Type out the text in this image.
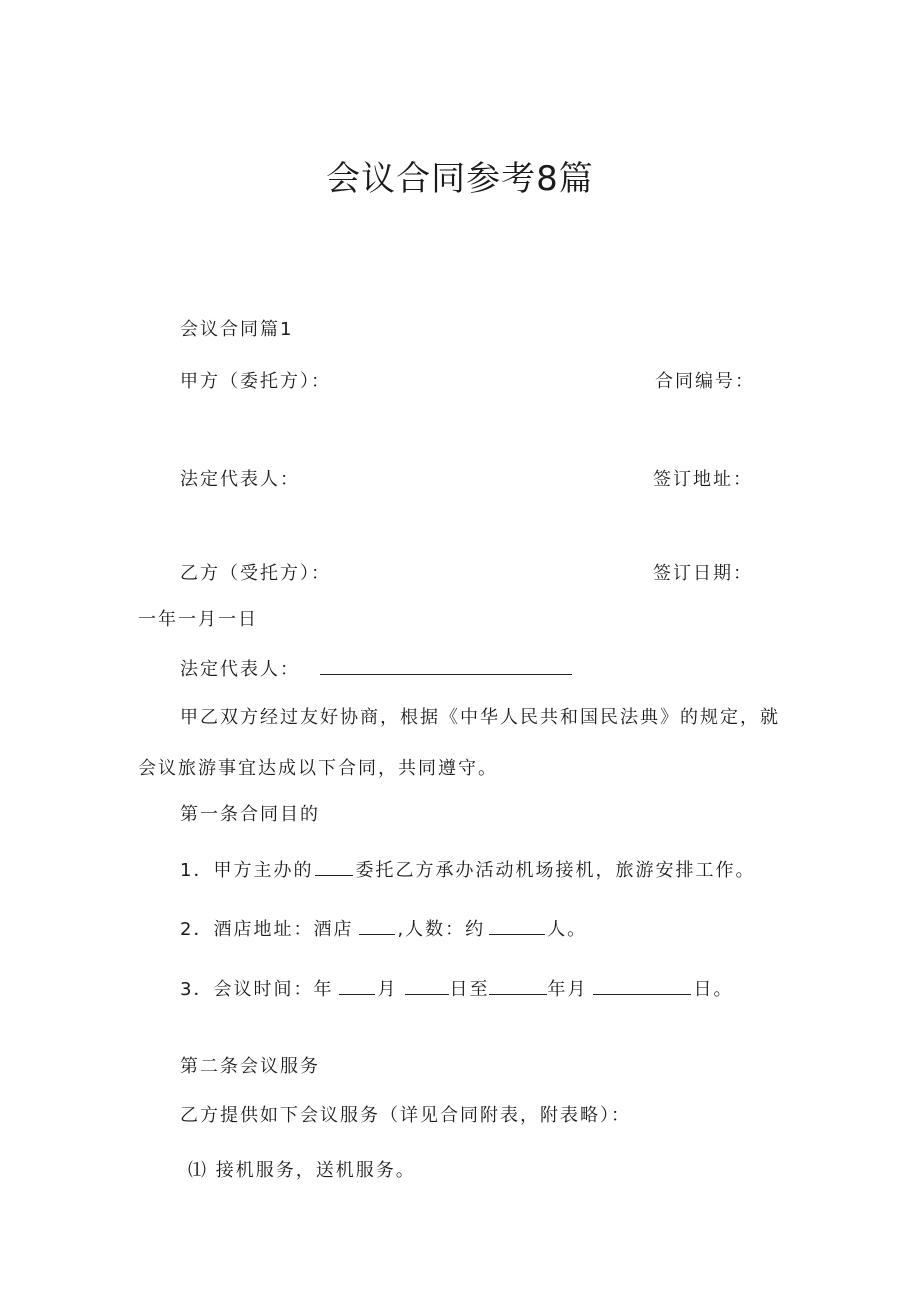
会议合同参考8篇
会议合同篇1
甲方（委托方）：	合同编号：
法定代表人：	签订地址：
乙方（受托方）：	签订日期：
一年一月一日
法定代表人：
甲乙双方经过友好协商，根据《中华人民共和国民法典》的规定，就
会议旅游事宜达成以下合同，共同遵守。
第一条合同目的
1．甲方主办的 委托乙方承办活动机场接机，旅游安排工作。
2．酒店地址：酒店 ,人数：约	人。
3．会议时间：年 月	日至	年月	日。
第二条会议服务
乙方提供如下会议服务（详见合同附表，附表略）：
⑴ 接机服务，送机服务。
